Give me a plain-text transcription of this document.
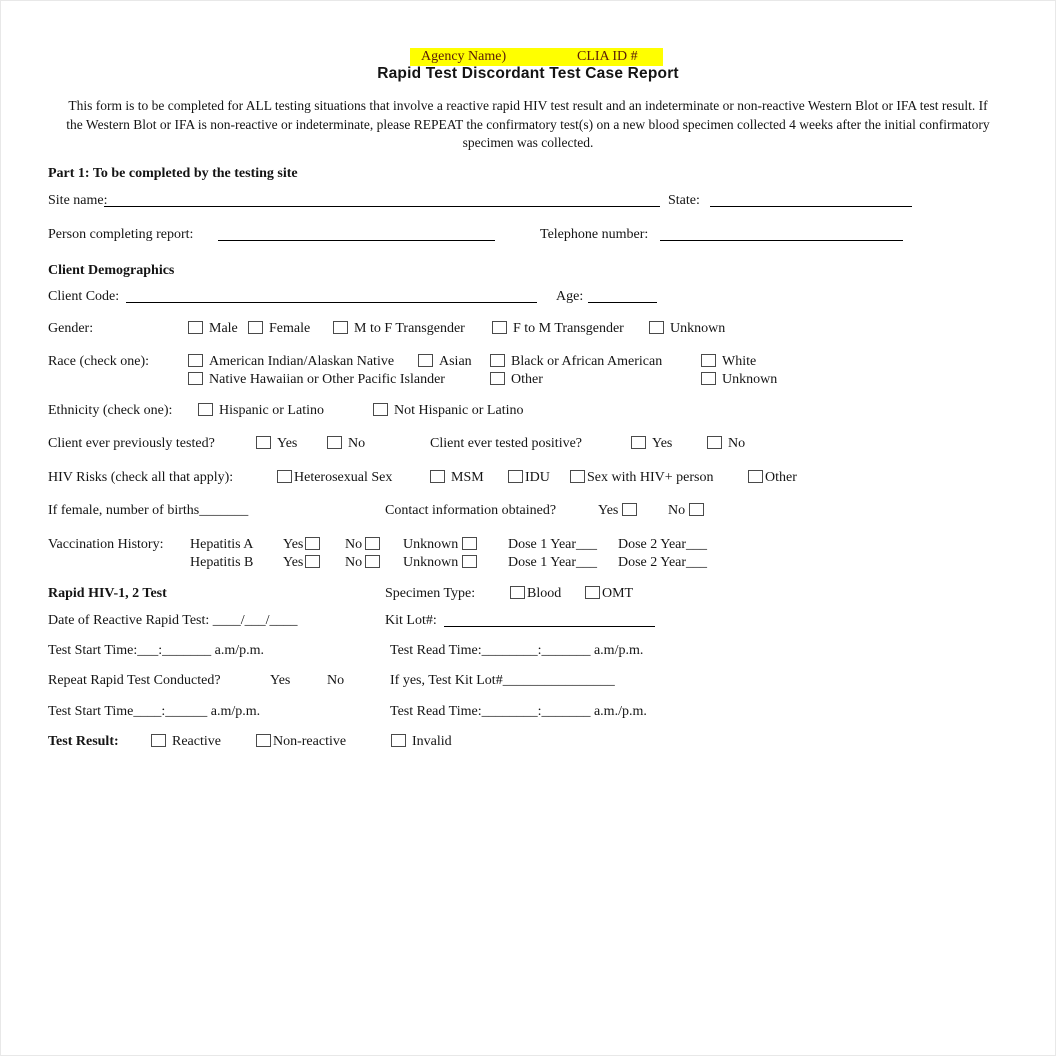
Agency Name)	CLIA ID #
Rapid Test Discordant Test Case Report
This form is to be completed for ALL testing situations that involve a reactive rapid HIV test result and an indeterminate or non-reactive Western Blot or IFA test result. If the Western Blot or IFA is non-reactive or indeterminate, please REPEAT the confirmatory test(s) on a new blood specimen collected 4 weeks after the initial confirmatory specimen was collected.
Part 1: To be completed by the testing site
Site name:	State:
Person completing report:	Telephone number:
Client Demographics
Client Code:	Age:
Gender:	Male	Female	M to F Transgender	F to M Transgender	Unknown
Race (check one):	American Indian/Alaskan Native	Asian	Black or African American	White
Native Hawaiian or Other Pacific Islander	Other	Unknown
Ethnicity (check one):	Hispanic or Latino	Not Hispanic or Latino
Client ever previously tested?	Yes	No	Client ever tested positive?	Yes	No
HIV Risks (check all that apply):	Heterosexual Sex	MSM	IDU	Sex with HIV+ person	Other
If female, number of births_______	Contact information obtained?	Yes	No
Vaccination History: Hepatitis A Yes	No	Unknown	Dose 1 Year___ Dose 2 Year___
Hepatitis B Yes	No	Unknown	Dose 1 Year___ Dose 2 Year___
Rapid HIV-1, 2 Test	Specimen Type:	Blood	OMT
Date of Reactive Rapid Test: ____/___/____	Kit Lot#:
Test Start Time:___:_______ a.m/p.m.	Test Read Time:________:_______ a.m/p.m.
Repeat Rapid Test Conducted?	Yes	No	If yes, Test Kit Lot#________________
Test Start Time____:______ a.m/p.m.	Test Read Time:________:_______ a.m./p.m.
Test Result:	Reactive	Non-reactive	Invalid
